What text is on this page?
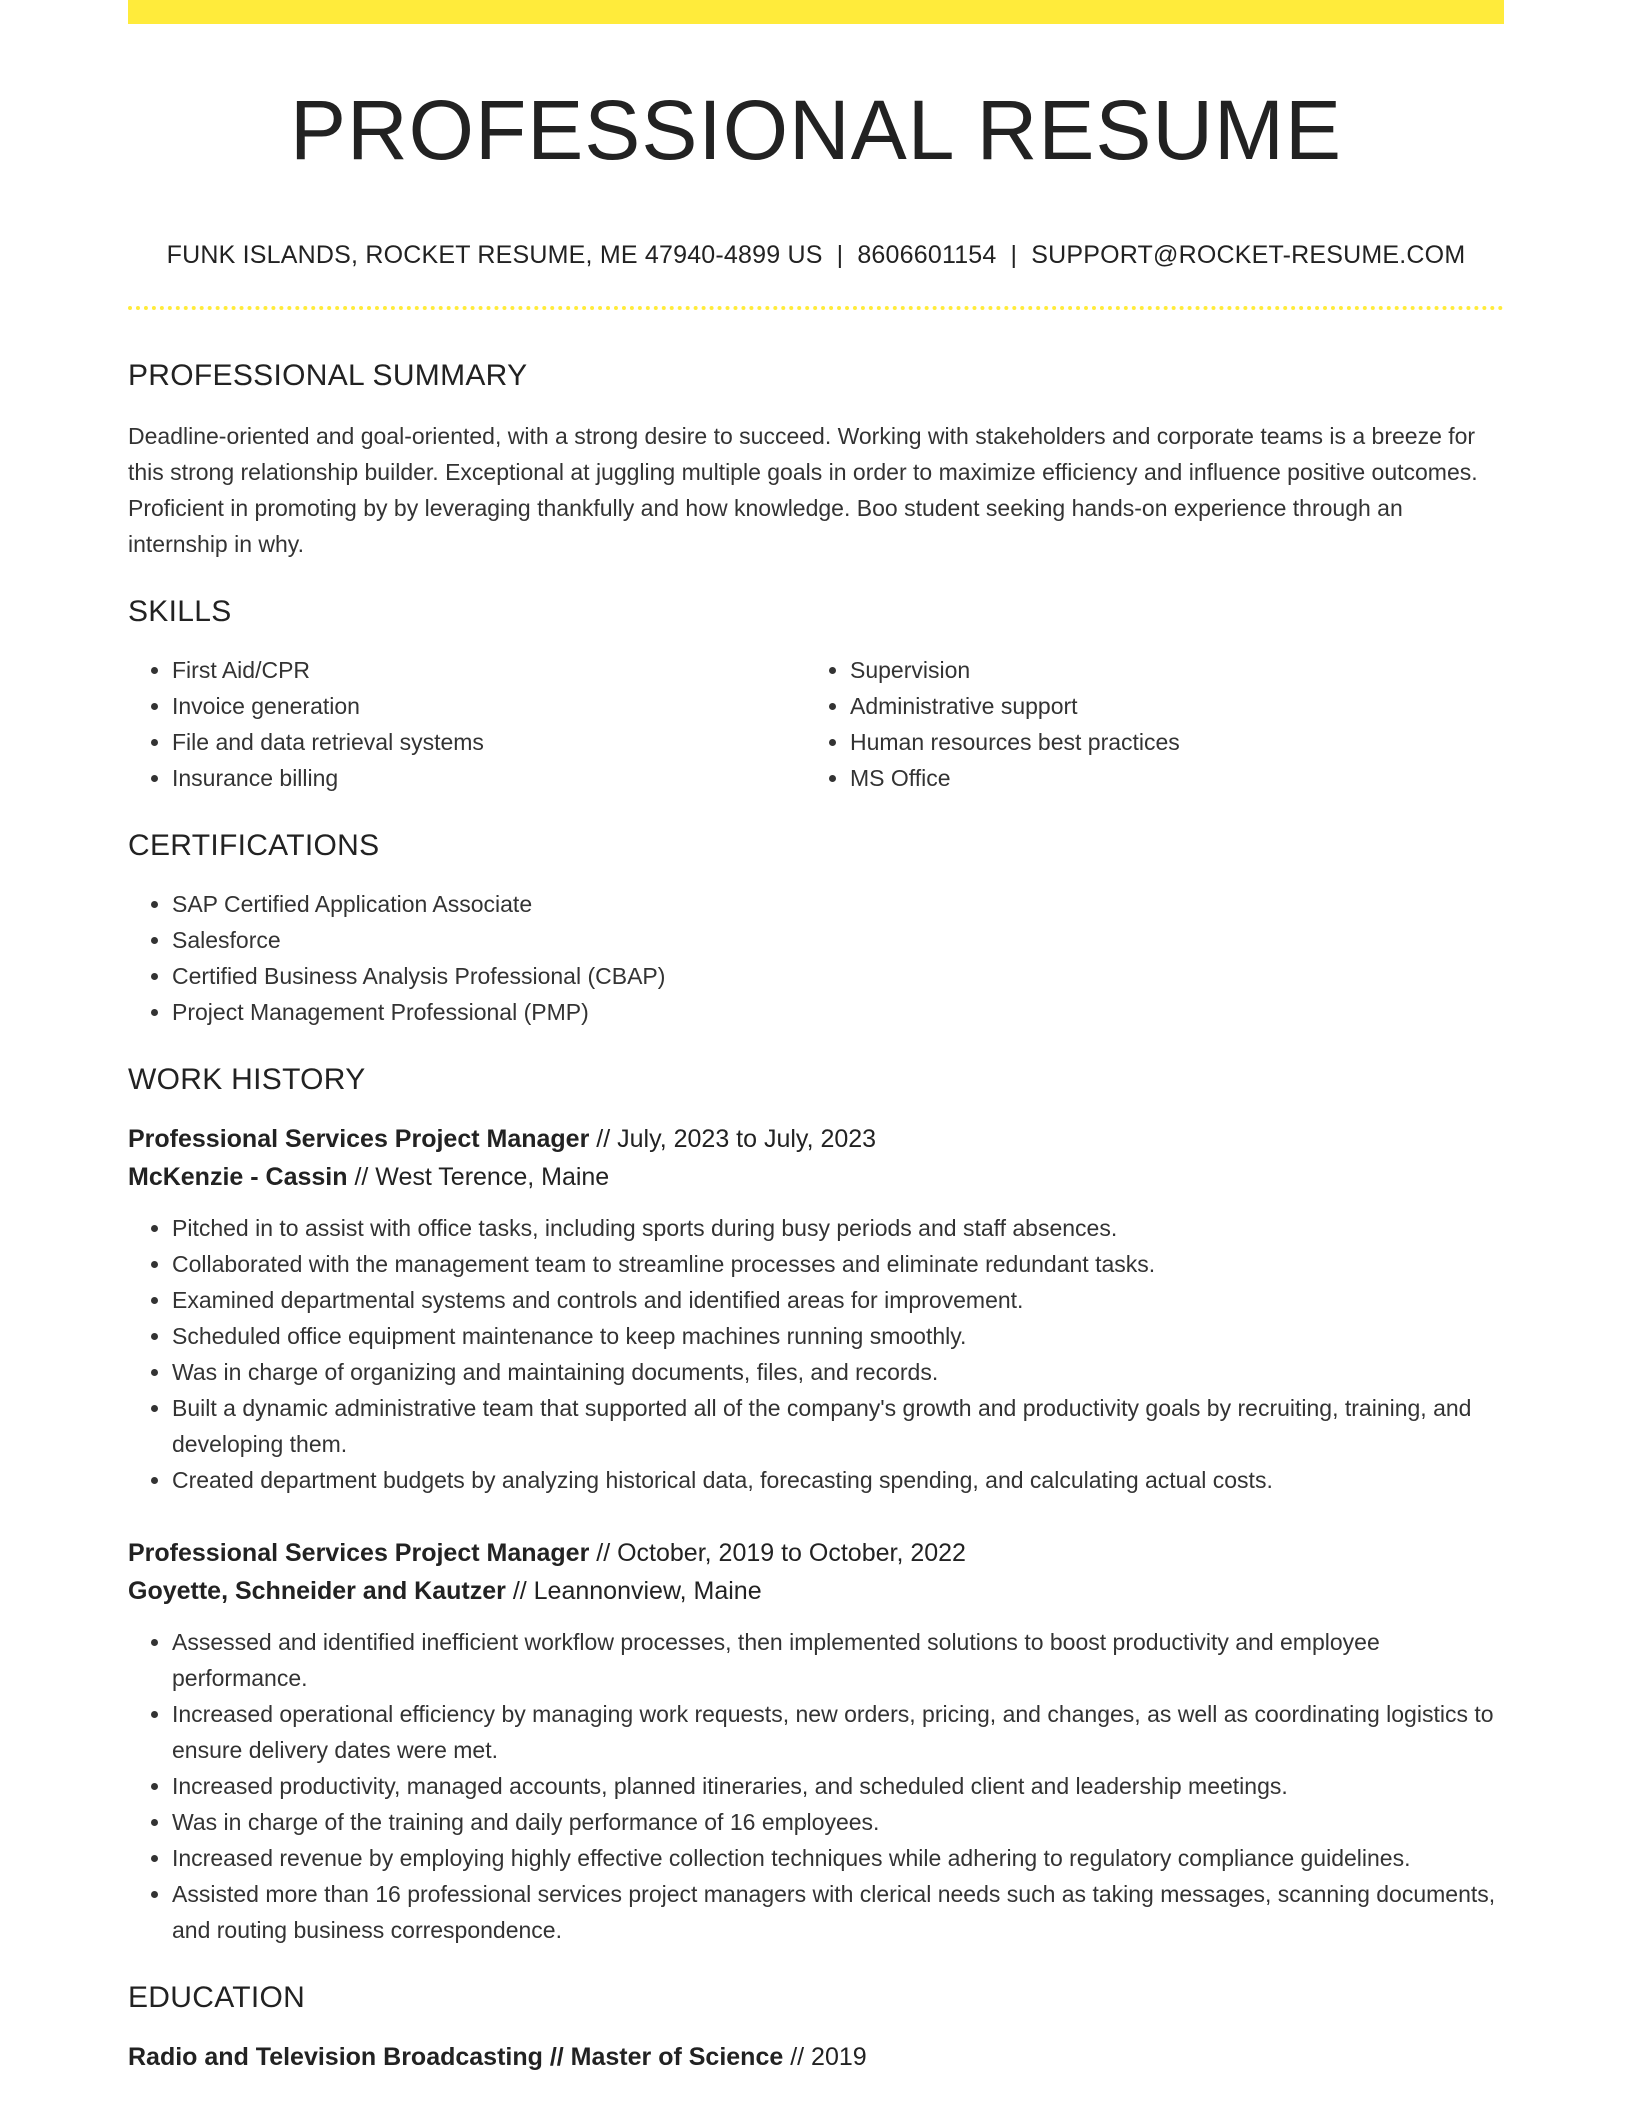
PROFESSIONAL RESUME
FUNK ISLANDS, ROCKET RESUME, ME 47940-4899 US | 8606601154 | SUPPORT@ROCKET-RESUME.COM
PROFESSIONAL SUMMARY

Deadline-oriented and goal-oriented, with a strong desire to succeed. Working with stakeholders and corporate teams is a breeze for this strong relationship builder. Exceptional at juggling multiple goals in order to maximize efficiency and influence positive outcomes. Proficient in promoting by by leveraging thankfully and how knowledge. Boo student seeking hands-on experience through an internship in why.

SKILLS
• First Aid/CPR
• Invoice generation
• File and data retrieval systems
• Insurance billing
• Supervision
• Administrative support
• Human resources best practices
• MS Office
CERTIFICATIONS
• SAP Certified Application Associate
• Salesforce
• Certified Business Analysis Professional (CBAP)
• Project Management Professional (PMP)
WORK HISTORY
Professional Services Project Manager // July, 2023 to July, 2023
McKenzie - Cassin // West Terence, Maine
• Pitched in to assist with office tasks, including sports during busy periods and staff absences.
• Collaborated with the management team to streamline processes and eliminate redundant tasks.
• Examined departmental systems and controls and identified areas for improvement.
• Scheduled office equipment maintenance to keep machines running smoothly.
• Was in charge of organizing and maintaining documents, files, and records.
• Built a dynamic administrative team that supported all of the company's growth and productivity goals by recruiting, training, and developing them.
• Created department budgets by analyzing historical data, forecasting spending, and calculating actual costs.
Professional Services Project Manager // October, 2019 to October, 2022
Goyette, Schneider and Kautzer // Leannonview, Maine
• Assessed and identified inefficient workflow processes, then implemented solutions to boost productivity and employee performance.
• Increased operational efficiency by managing work requests, new orders, pricing, and changes, as well as coordinating logistics to ensure delivery dates were met.
• Increased productivity, managed accounts, planned itineraries, and scheduled client and leadership meetings.
• Was in charge of the training and daily performance of 16 employees.
• Increased revenue by employing highly effective collection techniques while adhering to regulatory compliance guidelines.
• Assisted more than 16 professional services project managers with clerical needs such as taking messages, scanning documents, and routing business correspondence.
EDUCATION
Radio and Television Broadcasting // Master of Science // 2019
